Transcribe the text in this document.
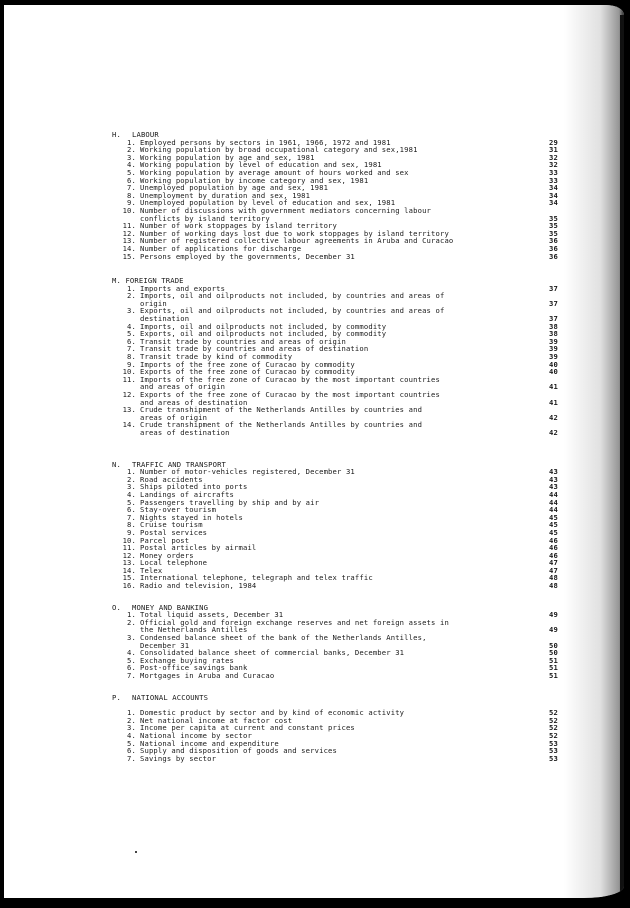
H.	LABOUR
1. Employed persons by sectors in 1961, 1966, 1972 and 1981	29
2. Working population by broad occupational category and sex,1981	31
3. Working population by age and sex, 1981	32
4. Working population by level of education and sex, 1981	32
5. Working population by average amount of hours worked and sex	33
6. Working population by income category and sex, 1981	33
7. Unemployed population by age and sex, 1981	34
8. Unemployment by duration and sex, 1981	34
9. Unemployed population by level of education and sex, 1981	34
10. Number of discussions with government mediators concerning labour
conflicts by island territory	35
11. Number of work stoppages by island territory	35
12. Number of working days lost due to work stoppages by island territory	35
13. Number of registered collective labour agreements in Aruba and Curacao	36
14. Number of applications for discharge	36
15. Persons employed by the governments, December 31	36
M.
FOREIGN TRADE
1. Imports and exports	37
2. Imports, oil and oilproducts not included, by countries and areas of
origin	37
3. Exports, oil and oilproducts not included, by countries and areas of
destination	37
4. Imports, oil and oilproducts not included, by commodity	38
5. Exports, oil and oilproducts not included, by commodity	38
6. Transit trade by countries and areas of origin	39
7. Transit trade by countries and areas of destination	39
8. Transit trade by kind of commodity	39
9. Imports of the free zone of Curacao by commodity	40
10. Exports of the free zone of Curacao by commodity	40
11. Imports of the free zone of Curacao by the most important countries
and areas of origin	41
12. Exports of the free zone of Curacao by the most important countries
and areas of destination	41
13. Crude transhipment of the Netherlands Antilles by countries and
areas of origin	42
14. Crude transhipment of the Netherlands Antilles by countries and
areas of destination	42
N.	TRAFFIC AND TRANSPORT
1. Number of motor-vehicles registered, December 31	43
2. Road accidents	43
3. Ships piloted into ports	43
4. Landings of aircrafts	44
5. Passengers travelling by ship and by air	44
6. Stay-over tourism	44
7. Nights stayed in hotels	45
8. Cruise tourism	45
9. Postal services	45
10. Parcel post	46
11. Postal articles by airmail	46
12. Money orders	46
13. Local telephone	47
14. Telex	47
15. International telephone, telegraph and telex traffic	48
16. Radio and television, 1984	48
O.	MONEY AND BANKING
1. Total liquid assets, December 31	49
2. Official gold and foreign exchange reserves and net foreign assets in
the Netherlands Antilles	49
3. Condensed balance sheet of the bank of the Netherlands Antilles,
December 31	50
4. Consolidated balance sheet of commercial banks, December 31	50
5. Exchange buying rates	51
6. Post-office savings bank	51
7. Mortgages in Aruba and Curacao	51
P.	NATIONAL ACCOUNTS
1. Domestic product by sector and by kind of economic activity	52
2. Net national income at factor cost	52
3. Income per capita at current and constant prices	52
4. National income by sector	52
5. National income and expenditure	53
6. Supply and disposition of goods and services	53
7. Savings by sector	53
